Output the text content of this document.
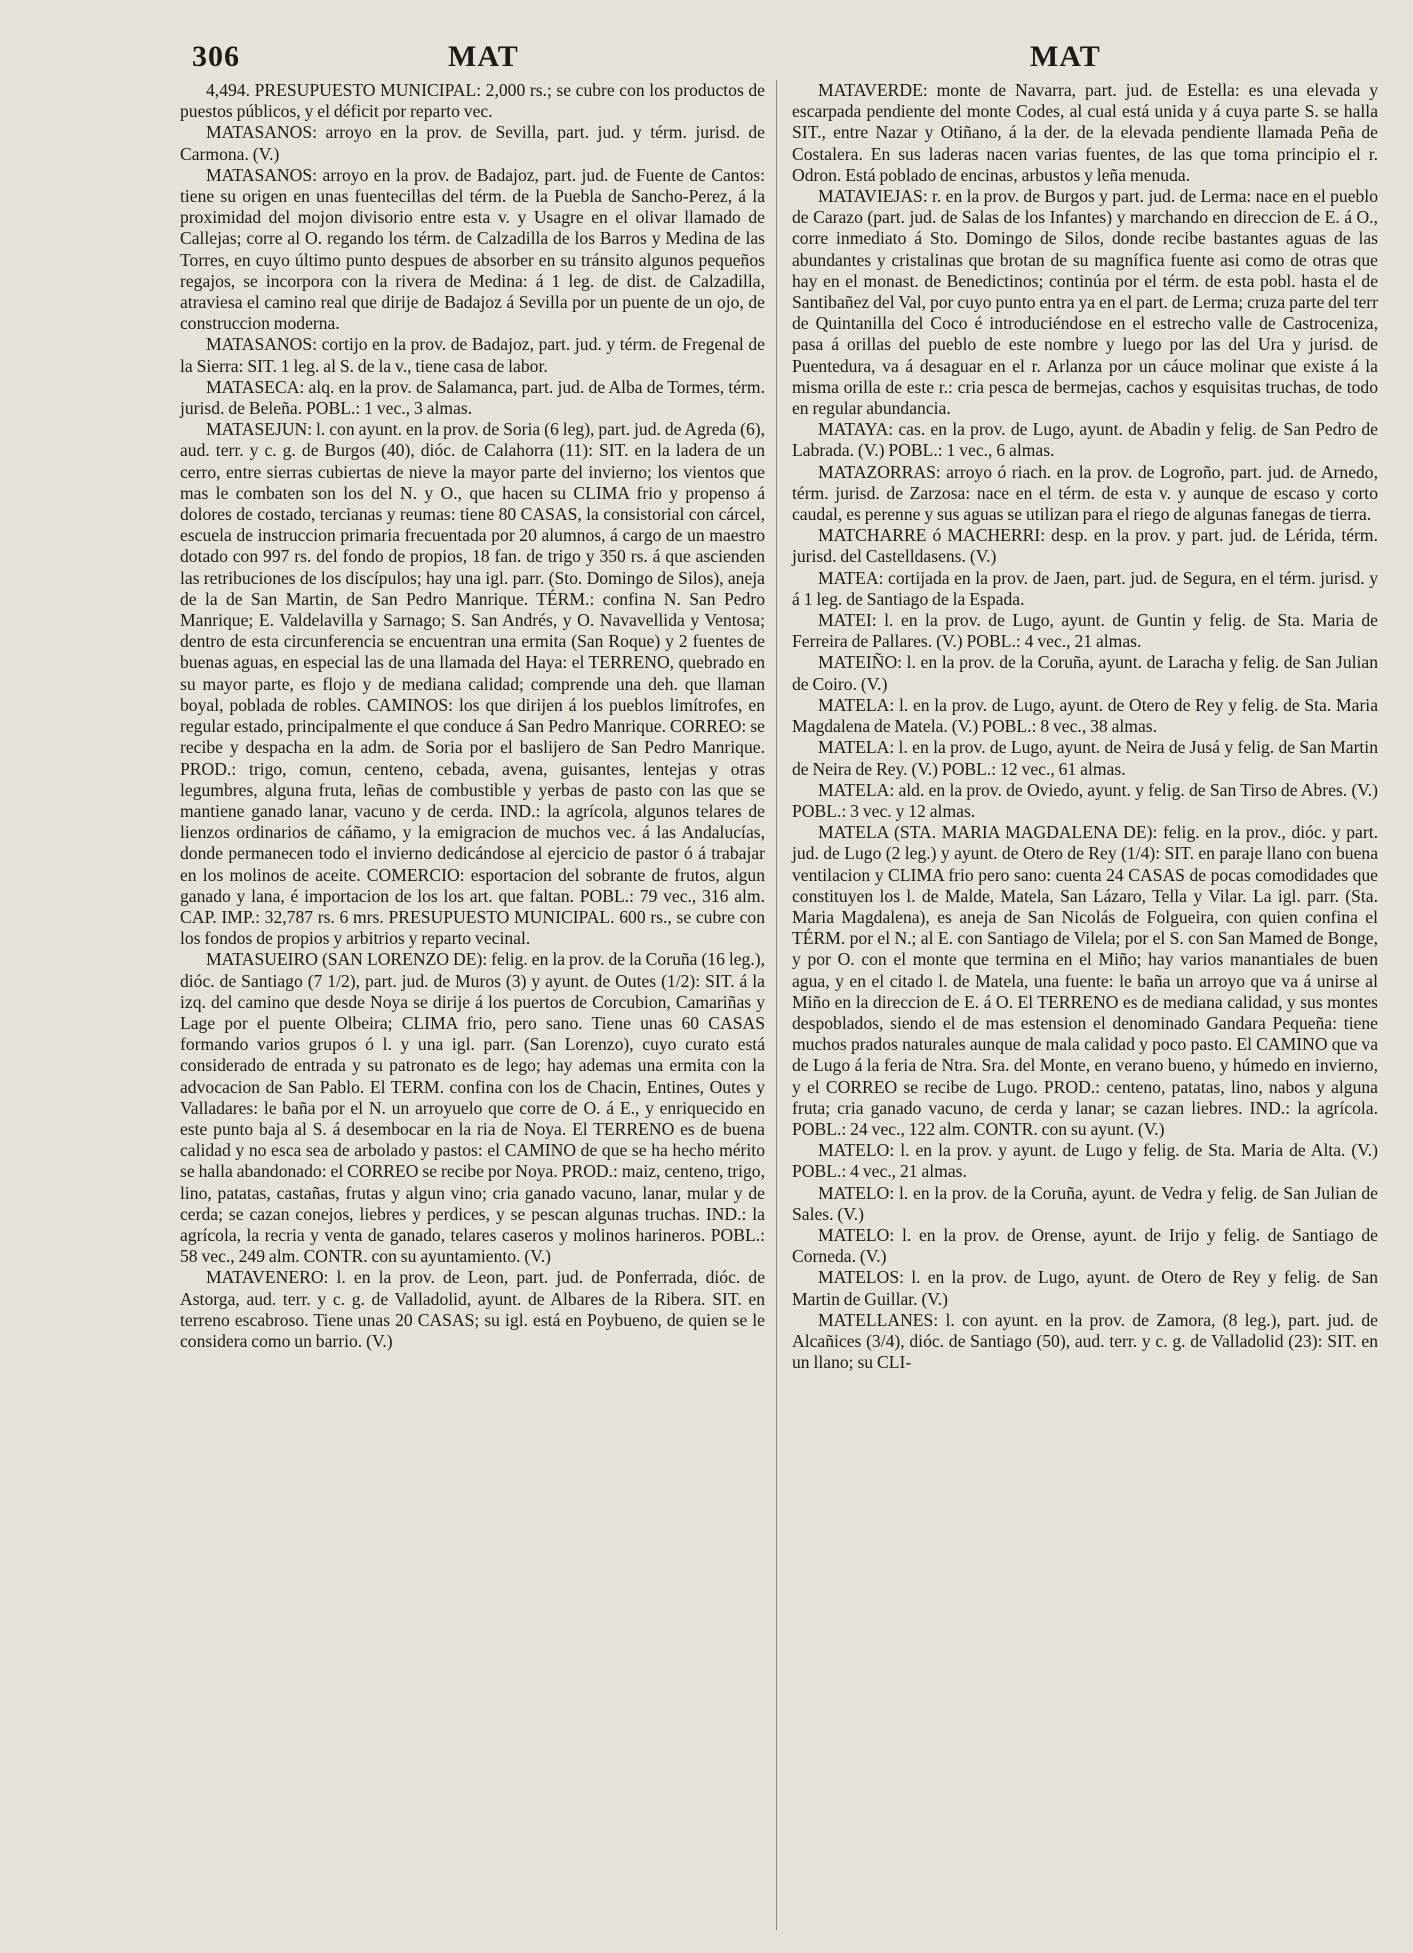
306	MAT	MAT

4,494. PRESUPUESTO MUNICIPAL: 2,000 rs.; se cubre con los productos de puestos públicos, y el déficit por reparto vec.

MATASANOS: arroyo en la prov. de Sevilla, part. jud. y térm. jurisd. de Carmona. (V.)

MATASANOS: arroyo en la prov. de Badajoz, part. jud. de Fuente de Cantos: tiene su origen en unas fuentecillas del térm. de la Puebla de Sancho-Perez, á la proximidad del mojon divisorio entre esta v. y Usagre en el olivar llamado de Callejas; corre al O. regando los térm. de Calzadilla de los Barros y Medina de las Torres, en cuyo último punto despues de absorber en su tránsito algunos pequeños regajos, se incorpora con la rivera de Medina: á 1 leg. de dist. de Calzadilla, atraviesa el camino real que dirije de Badajoz á Sevilla por un puente de un ojo, de construccion moderna.

MATASANOS: cortijo en la prov. de Badajoz, part. jud. y térm. de Fregenal de la Sierra: SIT. 1 leg. al S. de la v., tiene casa de labor.

MATASECA: alq. en la prov. de Salamanca, part. jud. de Alba de Tormes, térm. jurisd. de Beleña. POBL.: 1 vec., 3 almas.

MATASEJUN: l. con ayunt. en la prov. de Soria (6 leg), part. jud. de Agreda (6), aud. terr. y c. g. de Burgos (40), dióc. de Calahorra (11): SIT. en la ladera de un cerro, entre sierras cubiertas de nieve la mayor parte del invierno; los vientos que mas le combaten son los del N. y O., que hacen su CLIMA frio y propenso á dolores de costado, tercianas y reumas: tiene 80 CASAS, la consistorial con cárcel, escuela de instruccion primaria frecuentada por 20 alumnos, á cargo de un maestro dotado con 997 rs. del fondo de propios, 18 fan. de trigo y 350 rs. á que ascienden las retribuciones de los discípulos; hay una igl. parr. (Sto. Domingo de Silos), aneja de la de San Martin, de San Pedro Manrique. TÉRM.: confina N. San Pedro Manrique; E. Valdelavilla y Sarnago; S. San Andrés, y O. Navavellida y Ventosa; dentro de esta circunferencia se encuentran una ermita (San Roque) y 2 fuentes de buenas aguas, en especial las de una llamada del Haya: el TERRENO, quebrado en su mayor parte, es flojo y de mediana calidad; comprende una deh. que llaman boyal, poblada de robles. CAMINOS: los que dirijen á los pueblos limítrofes, en regular estado, principalmente el que conduce á San Pedro Manrique. CORREO: se recibe y despacha en la adm. de Soria por el baslijero de San Pedro Manrique. PROD.: trigo, comun, centeno, cebada, avena, guisantes, lentejas y otras legumbres, alguna fruta, leñas de combustible y yerbas de pasto con las que se mantiene ganado lanar, vacuno y de cerda. IND.: la agrícola, algunos telares de lienzos ordinarios de cáñamo, y la emigracion de muchos vec. á las Andalucías, donde permanecen todo el invierno dedicándose al ejercicio de pastor ó á trabajar en los molinos de aceite. COMERCIO: esportacion del sobrante de frutos, algun ganado y lana, é importacion de los los art. que faltan. POBL.: 79 vec., 316 alm. CAP. IMP.: 32,787 rs. 6 mrs. PRESUPUESTO MUNICIPAL. 600 rs., se cubre con los fondos de propios y arbitrios y reparto vecinal.

MATASUEIRO (SAN LORENZO DE): felig. en la prov. de la Coruña (16 leg.), dióc. de Santiago (7 1/2), part. jud. de Muros (3) y ayunt. de Outes (1/2): SIT. á la izq. del camino que desde Noya se dirije á los puertos de Corcubion, Camariñas y Lage por el puente Olbeira; CLIMA frio, pero sano. Tiene unas 60 CASAS formando varios grupos ó l. y una igl. parr. (San Lorenzo), cuyo curato está considerado de entrada y su patronato es de lego; hay ademas una ermita con la advocacion de San Pablo. El TERM. confina con los de Chacin, Entines, Outes y Valladares: le baña por el N. un arroyuelo que corre de O. á E., y enriquecido en este punto baja al S. á desembocar en la ria de Noya. El TERRENO es de buena calidad y no esca sea de arbolado y pastos: el CAMINO de que se ha hecho mérito se halla abandonado: el CORREO se recibe por Noya. PROD.: maiz, centeno, trigo, lino, patatas, castañas, frutas y algun vino; cria ganado vacuno, lanar, mular y de cerda; se cazan conejos, liebres y perdices, y se pescan algunas truchas. IND.: la agrícola, la recria y venta de ganado, telares caseros y molinos harineros. POBL.: 58 vec., 249 alm. CONTR. con su ayuntamiento. (V.)

MATAVENERO: l. en la prov. de Leon, part. jud. de Ponferrada, dióc. de Astorga, aud. terr. y c. g. de Valladolid, ayunt. de Albares de la Ribera. SIT. en terreno escabroso. Tiene unas 20 CASAS; su igl. está en Poybueno, de quien se le considera como un barrio. (V.)

MATAVERDE: monte de Navarra, part. jud. de Estella: es una elevada y escarpada pendiente del monte Codes, al cual está unida y á cuya parte S. se halla SIT., entre Nazar y Otiñano, á la der. de la elevada pendiente llamada Peña de Costalera. En sus laderas nacen varias fuentes, de las que toma principio el r. Odron. Está poblado de encinas, arbustos y leña menuda.

MATAVIEJAS: r. en la prov. de Burgos y part. jud. de Lerma: nace en el pueblo de Carazo (part. jud. de Salas de los Infantes) y marchando en direccion de E. á O., corre inmediato á Sto. Domingo de Silos, donde recibe bastantes aguas de las abundantes y cristalinas que brotan de su magnífica fuente asi como de otras que hay en el monast. de Benedictinos; continúa por el térm. de esta pobl. hasta el de Santibañez del Val, por cuyo punto entra ya en el part. de Lerma; cruza parte del terr de Quintanilla del Coco é introduciéndose en el estrecho valle de Castroceniza, pasa á orillas del pueblo de este nombre y luego por las del Ura y jurisd. de Puentedura, va á desaguar en el r. Arlanza por un cáuce molinar que existe á la misma orilla de este r.: cria pesca de bermejas, cachos y esquisitas truchas, de todo en regular abundancia.

MATAYA: cas. en la prov. de Lugo, ayunt. de Abadin y felig. de San Pedro de Labrada. (V.) POBL.: 1 vec., 6 almas.

MATAZORRAS: arroyo ó riach. en la prov. de Logroño, part. jud. de Arnedo, térm. jurisd. de Zarzosa: nace en el térm. de esta v. y aunque de escaso y corto caudal, es perenne y sus aguas se utilizan para el riego de algunas fanegas de tierra.

MATCHARRE ó MACHERRI: desp. en la prov. y part. jud. de Lérida, térm. jurisd. del Castelldasens. (V.)

MATEA: cortijada en la prov. de Jaen, part. jud. de Segura, en el térm. jurisd. y á 1 leg. de Santiago de la Espada.

MATEI: l. en la prov. de Lugo, ayunt. de Guntin y felig. de Sta. Maria de Ferreira de Pallares. (V.) POBL.: 4 vec., 21 almas.

MATEIÑO: l. en la prov. de la Coruña, ayunt. de Laracha y felig. de San Julian de Coiro. (V.)

MATELA: l. en la prov. de Lugo, ayunt. de Otero de Rey y felig. de Sta. Maria Magdalena de Matela. (V.) POBL.: 8 vec., 38 almas.

MATELA: l. en la prov. de Lugo, ayunt. de Neira de Jusá y felig. de San Martin de Neira de Rey. (V.) POBL.: 12 vec., 61 almas.

MATELA: ald. en la prov. de Oviedo, ayunt. y felig. de San Tirso de Abres. (V.) POBL.: 3 vec. y 12 almas.

MATELA (STA. MARIA MAGDALENA DE): felig. en la prov., dióc. y part. jud. de Lugo (2 leg.) y ayunt. de Otero de Rey (1/4): SIT. en paraje llano con buena ventilacion y CLIMA frio pero sano: cuenta 24 CASAS de pocas comodidades que constituyen los l. de Malde, Matela, San Lázaro, Tella y Vilar. La igl. parr. (Sta. Maria Magdalena), es aneja de San Nicolás de Folgueira, con quien confina el TÉRM. por el N.; al E. con Santiago de Vilela; por el S. con San Mamed de Bonge, y por O. con el monte que termina en el Miño; hay varios manantiales de buen agua, y en el citado l. de Matela, una fuente: le baña un arroyo que va á unirse al Miño en la direccion de E. á O. El TERRENO es de mediana calidad, y sus montes despoblados, siendo el de mas estension el denominado Gandara Pequeña: tiene muchos prados naturales aunque de mala calidad y poco pasto. El CAMINO que va de Lugo á la feria de Ntra. Sra. del Monte, en verano bueno, y húmedo en invierno, y el CORREO se recibe de Lugo. PROD.: centeno, patatas, lino, nabos y alguna fruta; cria ganado vacuno, de cerda y lanar; se cazan liebres. IND.: la agrícola. POBL.: 24 vec., 122 alm. CONTR. con su ayunt. (V.)

MATELO: l. en la prov. y ayunt. de Lugo y felig. de Sta. Maria de Alta. (V.) POBL.: 4 vec., 21 almas.

MATELO: l. en la prov. de la Coruña, ayunt. de Vedra y felig. de San Julian de Sales. (V.)

MATELO: l. en la prov. de Orense, ayunt. de Irijo y felig. de Santiago de Corneda. (V.)

MATELOS: l. en la prov. de Lugo, ayunt. de Otero de Rey y felig. de San Martin de Guillar. (V.)

MATELLANES: l. con ayunt. en la prov. de Zamora, (8 leg.), part. jud. de Alcañices (3/4), dióc. de Santiago (50), aud. terr. y c. g. de Valladolid (23): SIT. en un llano; su CLI-
